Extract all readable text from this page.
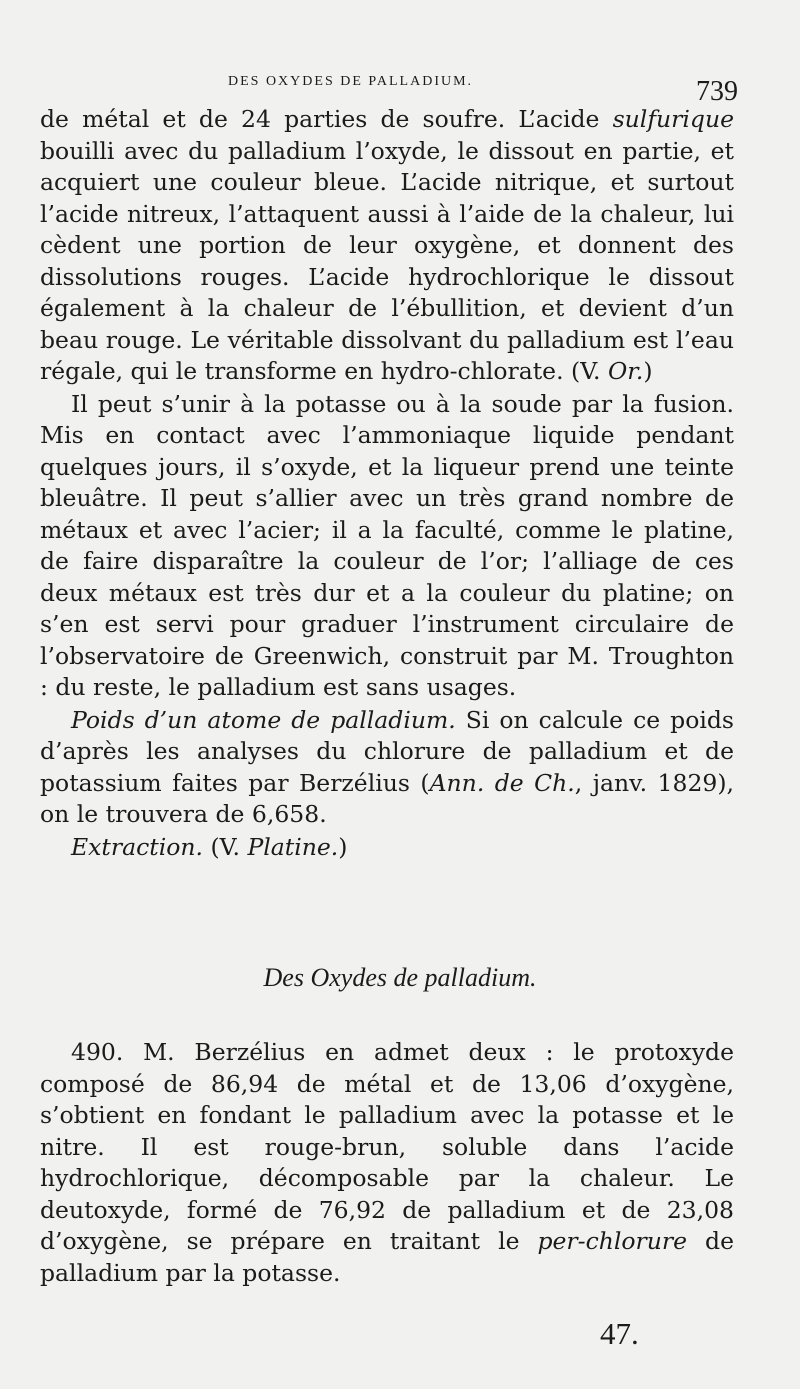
DES OXYDES DE PALLADIUM.	739

de métal et de 24 parties de soufre. L’acide sulfurique bouilli avec du palladium l’oxyde, le dissout en partie, et acquiert une couleur bleue. L’acide nitrique, et surtout l’acide nitreux, l’attaquent aussi à l’aide de la chaleur, lui cèdent une portion de leur oxygène, et donnent des dissolutions rouges. L’acide hydrochlorique le dissout également à la chaleur de l’ébullition, et devient d’un beau rouge. Le véritable dissolvant du palladium est l’eau régale, qui le transforme en hydro-chlorate. (V. Or.)

Il peut s’unir à la potasse ou à la soude par la fusion. Mis en contact avec l’ammoniaque liquide pendant quelques jours, il s’oxyde, et la liqueur prend une teinte bleuâtre. Il peut s’allier avec un très grand nombre de métaux et avec l’acier; il a la faculté, comme le platine, de faire disparaître la couleur de l’or; l’alliage de ces deux métaux est très dur et a la couleur du platine; on s’en est servi pour graduer l’instrument circulaire de l’observatoire de Greenwich, construit par M. Troughton : du reste, le palladium est sans usages.

Poids d’un atome de palladium. Si on calcule ce poids d’après les analyses du chlorure de palladium et de potassium faites par Berzélius (Ann. de Ch., janv. 1829), on le trouvera de 6,658.

Extraction. (V. Platine.)

Des Oxydes de palladium.

490. M. Berzélius en admet deux : le protoxyde composé de 86,94 de métal et de 13,06 d’oxygène, s’obtient en fondant le palladium avec la potasse et le nitre. Il est rouge-brun, soluble dans l’acide hydrochlorique, décomposable par la chaleur. Le deutoxyde, formé de 76,92 de palladium et de 23,08 d’oxygène, se prépare en traitant le per-chlorure de palladium par la potasse.

47.
